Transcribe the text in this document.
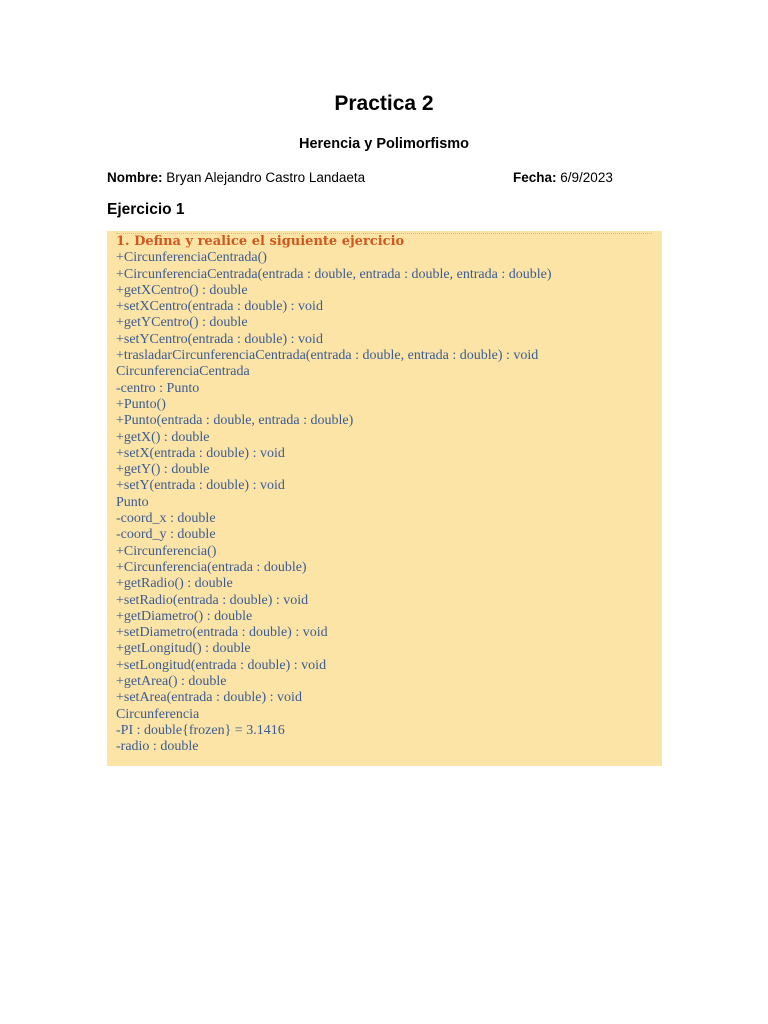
Practica 2
Herencia y Polimorfismo
Nombre: Bryan Alejandro Castro Landaeta	Fecha: 6/9/2023
Ejercicio 1

1. Defina y realice el siguiente ejercicio

+CircunferenciaCentrada()
+CircunferenciaCentrada(entrada : double, entrada : double, entrada : double)
+getXCentro() : double
+setXCentro(entrada : double) : void
+getYCentro() : double
+setYCentro(entrada : double) : void
+trasladarCircunferenciaCentrada(entrada : double, entrada : double) : void
CircunferenciaCentrada
-centro : Punto
+Punto()
+Punto(entrada : double, entrada : double)
+getX() : double
+setX(entrada : double) : void
+getY() : double
+setY(entrada : double) : void
Punto
-coord_x : double
-coord_y : double
+Circunferencia()
+Circunferencia(entrada : double)
+getRadio() : double
+setRadio(entrada : double) : void
+getDiametro() : double
+setDiametro(entrada : double) : void
+getLongitud() : double
+setLongitud(entrada : double) : void
+getArea() : double
+setArea(entrada : double) : void
Circunferencia
-PI : double{frozen} = 3.1416
-radio : double
